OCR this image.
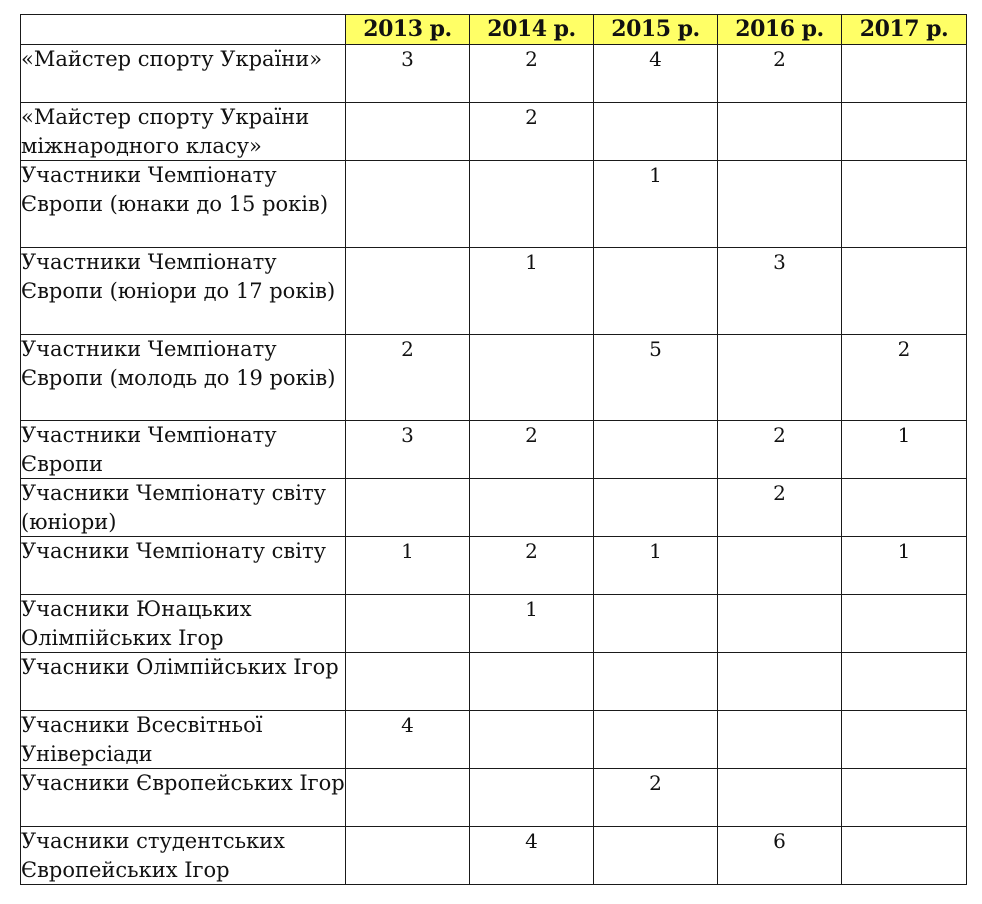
	2013 р.	2014 р.	2015 р.	2016 р.	2017 р.
«Майстер спорту України»	3	2	4	2	
«Майстер спорту України міжнародного класу»		2			
Участники Чемпіонату Європи (юнаки до 15 років)			1		
Участники Чемпіонату Європи (юніори до 17 років)		1		3	
Участники Чемпіонату Європи (молодь до 19 років)	2		5		2
Участники Чемпіонату Європи	3	2		2	1
Учасники Чемпіонату світу (юніори)				2	
Учасники Чемпіонату світу	1	2	1		1
Учасники Юнацьких Олімпійських Ігор		1			
Учасники Олімпійських Ігор					
Учасники Всесвітньої Універсіади	4				
Учасники Європейських Ігор			2		
Учасники студентських Європейських Ігор		4		6	
